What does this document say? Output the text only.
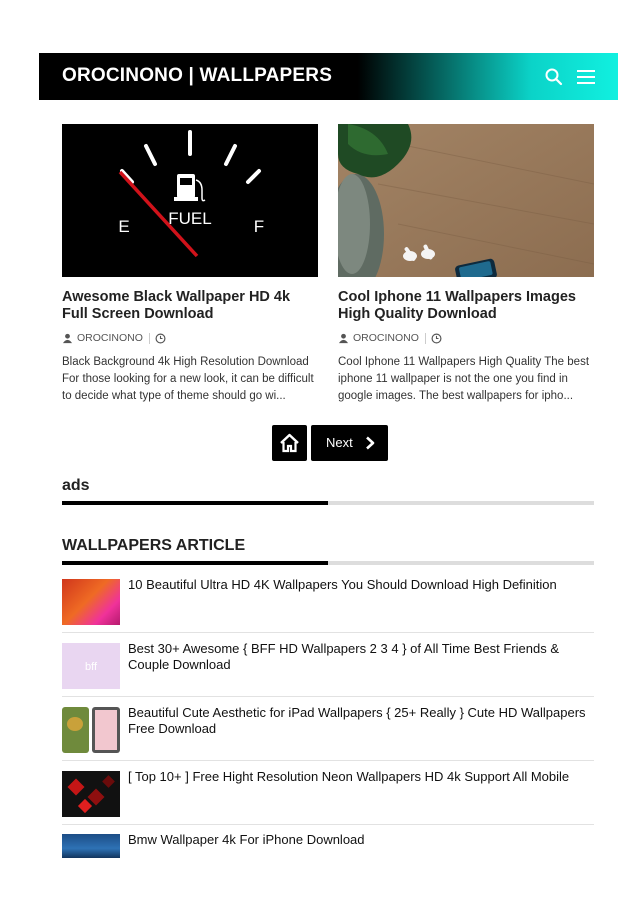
OROCINONO | WALLPAPERS
FUEL
E	F
Awesome Black Wallpaper HD 4k Full Screen Download
OROCINONO
Black Background 4k High Resolution Download For those looking for a new look, it can be difficult to decide what type of theme should go wi...
Cool Iphone 11 Wallpapers Images High Quality Download
OROCINONO
Cool Iphone 11 Wallpapers High Quality The best iphone 11 wallpaper is not the one you find in google images. The best wallpapers for ipho...
Next
ads
WALLPAPERS ARTICLE
10 Beautiful Ultra HD 4K Wallpapers You Should Download High Definition
bff
Best 30+ Awesome { BFF HD Wallpapers 2 3 4 } of All Time Best Friends & Couple Download
Beautiful Cute Aesthetic for iPad Wallpapers { 25+ Really } Cute HD Wallpapers Free Download
[ Top 10+ ] Free Hight Resolution Neon Wallpapers HD 4k Support All Mobile
Bmw Wallpaper 4k For iPhone Download
